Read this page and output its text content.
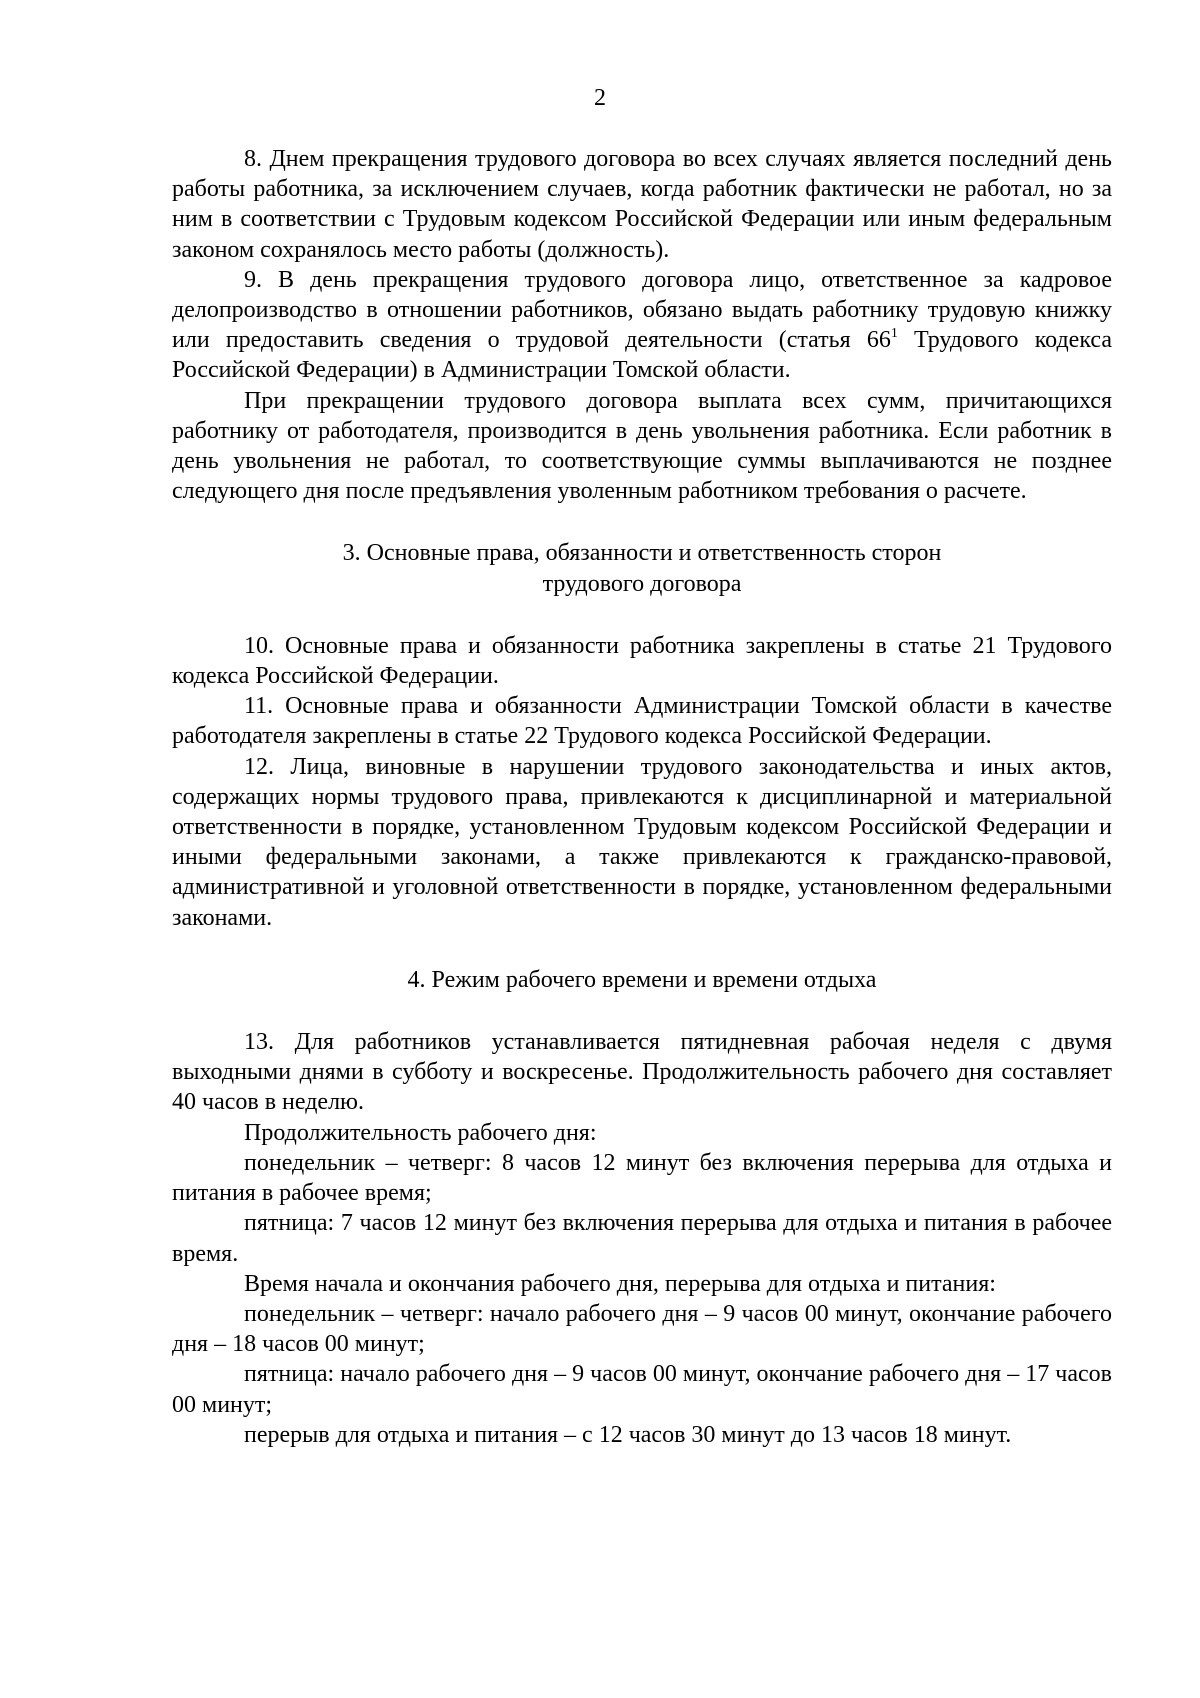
2

8. Днем прекращения трудового договора во всех случаях является последний день работы работника, за исключением случаев, когда работник фактически не работал, но за ним в соответствии с Трудовым кодексом Российской Федерации или иным федеральным законом сохранялось место работы (должность).

9. В день прекращения трудового договора лицо, ответственное за кадровое делопроизводство в отношении работников, обязано выдать работнику трудовую книжку или предоставить сведения о трудовой деятельности (статья $66^1$ Трудового кодекса Российской Федерации) в Администрации Томской области.

При прекращении трудового договора выплата всех сумм, причитающихся работнику от работодателя, производится в день увольнения работника. Если работник в день увольнения не работал, то соответствующие суммы выплачиваются не позднее следующего дня после предъявления уволенным работником требования о расчете.

3. Основные права, обязанности и ответственность сторон

трудового договора

10. Основные права и обязанности работника закреплены в статье 21 Трудового кодекса Российской Федерации.

11. Основные права и обязанности Администрации Томской области в качестве работодателя закреплены в статье 22 Трудового кодекса Российской Федерации.

12. Лица, виновные в нарушении трудового законодательства и иных актов, содержащих нормы трудового права, привлекаются к дисциплинарной и материальной ответственности в порядке, установленном Трудовым кодексом Российской Федерации и иными федеральными законами, а также привлекаются к гражданско-правовой, административной и уголовной ответственности в порядке, установленном федеральными законами.

4. Режим рабочего времени и времени отдыха

13. Для работников устанавливается пятидневная рабочая неделя с двумя выходными днями в субботу и воскресенье. Продолжительность рабочего дня составляет 40 часов в неделю.

Продолжительность рабочего дня:

понедельник – четверг: 8 часов 12 минут без включения перерыва для отдыха и питания в рабочее время;

пятница: 7 часов 12 минут без включения перерыва для отдыха и питания в рабочее время.

Время начала и окончания рабочего дня, перерыва для отдыха и питания:

понедельник – четверг: начало рабочего дня – 9 часов 00 минут, окончание рабочего дня – 18 часов 00 минут;

пятница: начало рабочего дня – 9 часов 00 минут, окончание рабочего дня – 17 часов 00 минут;

перерыв для отдыха и питания – с 12 часов 30 минут до 13 часов 18 минут.
